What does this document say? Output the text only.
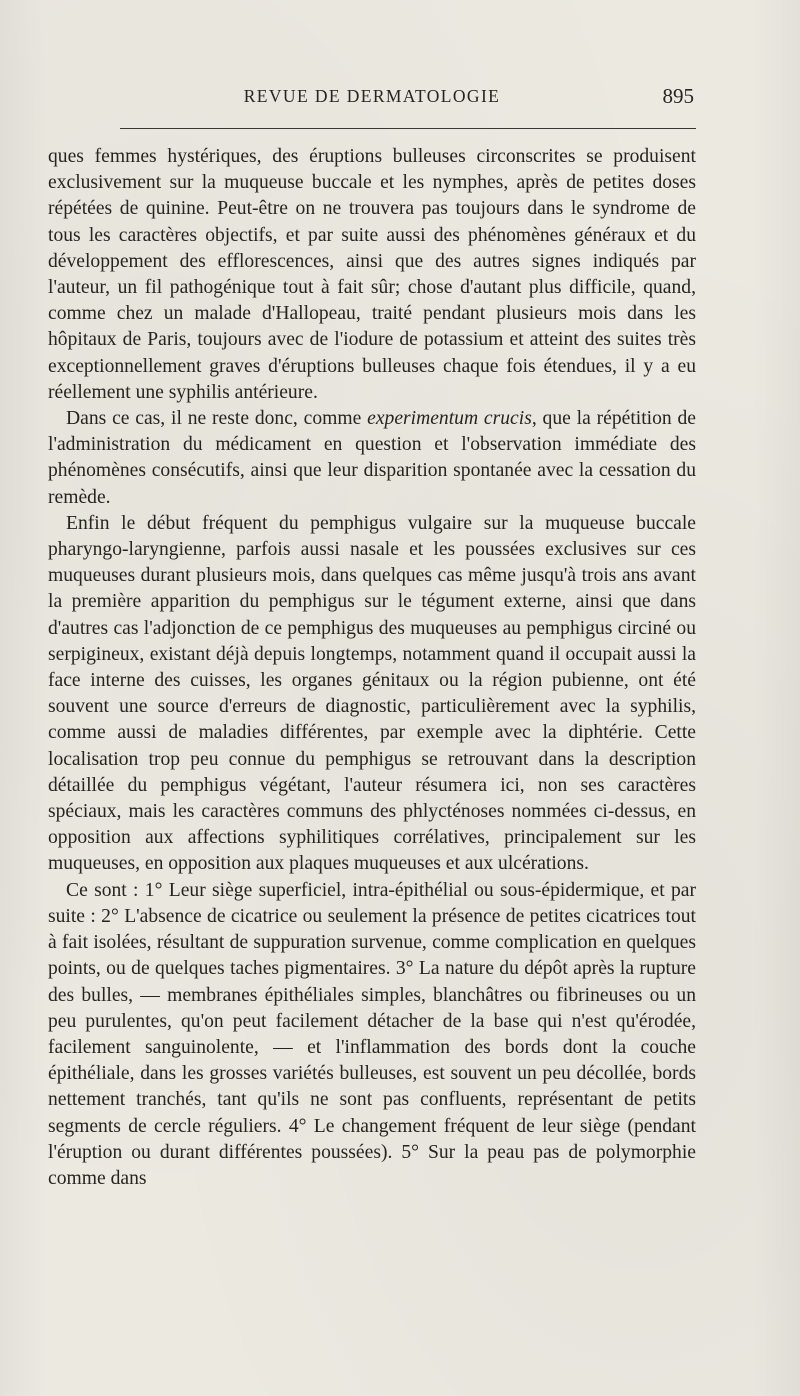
REVUE DE DERMATOLOGIE	895

ques femmes hystériques, des éruptions bulleuses circonscrites se produisent exclusivement sur la muqueuse buccale et les nymphes, après de petites doses répétées de quinine. Peut-être on ne trouvera pas toujours dans le syndrome de tous les caractères objectifs, et par suite aussi des phénomènes généraux et du développement des efflorescences, ainsi que des autres signes indiqués par l'auteur, un fil pathogénique tout à fait sûr; chose d'autant plus difficile, quand, comme chez un malade d'Hallopeau, traité pendant plusieurs mois dans les hôpitaux de Paris, toujours avec de l'iodure de potassium et atteint des suites très exceptionnellement graves d'éruptions bulleuses chaque fois étendues, il y a eu réellement une syphilis antérieure.

Dans ce cas, il ne reste donc, comme experimentum crucis, que la répétition de l'administration du médicament en question et l'observation immédiate des phénomènes consécutifs, ainsi que leur disparition spontanée avec la cessation du remède.

Enfin le début fréquent du pemphigus vulgaire sur la muqueuse buccale pharyngo-laryngienne, parfois aussi nasale et les poussées exclusives sur ces muqueuses durant plusieurs mois, dans quelques cas même jusqu'à trois ans avant la première apparition du pemphigus sur le tégument externe, ainsi que dans d'autres cas l'adjonction de ce pemphigus des muqueuses au pemphigus circiné ou serpigineux, existant déjà depuis longtemps, notamment quand il occupait aussi la face interne des cuisses, les organes génitaux ou la région pubienne, ont été souvent une source d'erreurs de diagnostic, particulièrement avec la syphilis, comme aussi de maladies différentes, par exemple avec la diphtérie. Cette localisation trop peu connue du pemphigus se retrouvant dans la description détaillée du pemphigus végétant, l'auteur résumera ici, non ses caractères spéciaux, mais les caractères communs des phlycténoses nommées ci-dessus, en opposition aux affections syphilitiques corrélatives, principalement sur les muqueuses, en opposition aux plaques muqueuses et aux ulcérations.

Ce sont : 1° Leur siège superficiel, intra-épithélial ou sous-épidermique, et par suite : 2° L'absence de cicatrice ou seulement la présence de petites cicatrices tout à fait isolées, résultant de suppuration survenue, comme complication en quelques points, ou de quelques taches pigmentaires. 3° La nature du dépôt après la rupture des bulles, — membranes épithéliales simples, blanchâtres ou fibrineuses ou un peu purulentes, qu'on peut facilement détacher de la base qui n'est qu'érodée, facilement sanguinolente, — et l'inflammation des bords dont la couche épithéliale, dans les grosses variétés bulleuses, est souvent un peu décollée, bords nettement tranchés, tant qu'ils ne sont pas confluents, représentant de petits segments de cercle réguliers. 4° Le changement fréquent de leur siège (pendant l'éruption ou durant différentes poussées). 5° Sur la peau pas de polymorphie comme dans
